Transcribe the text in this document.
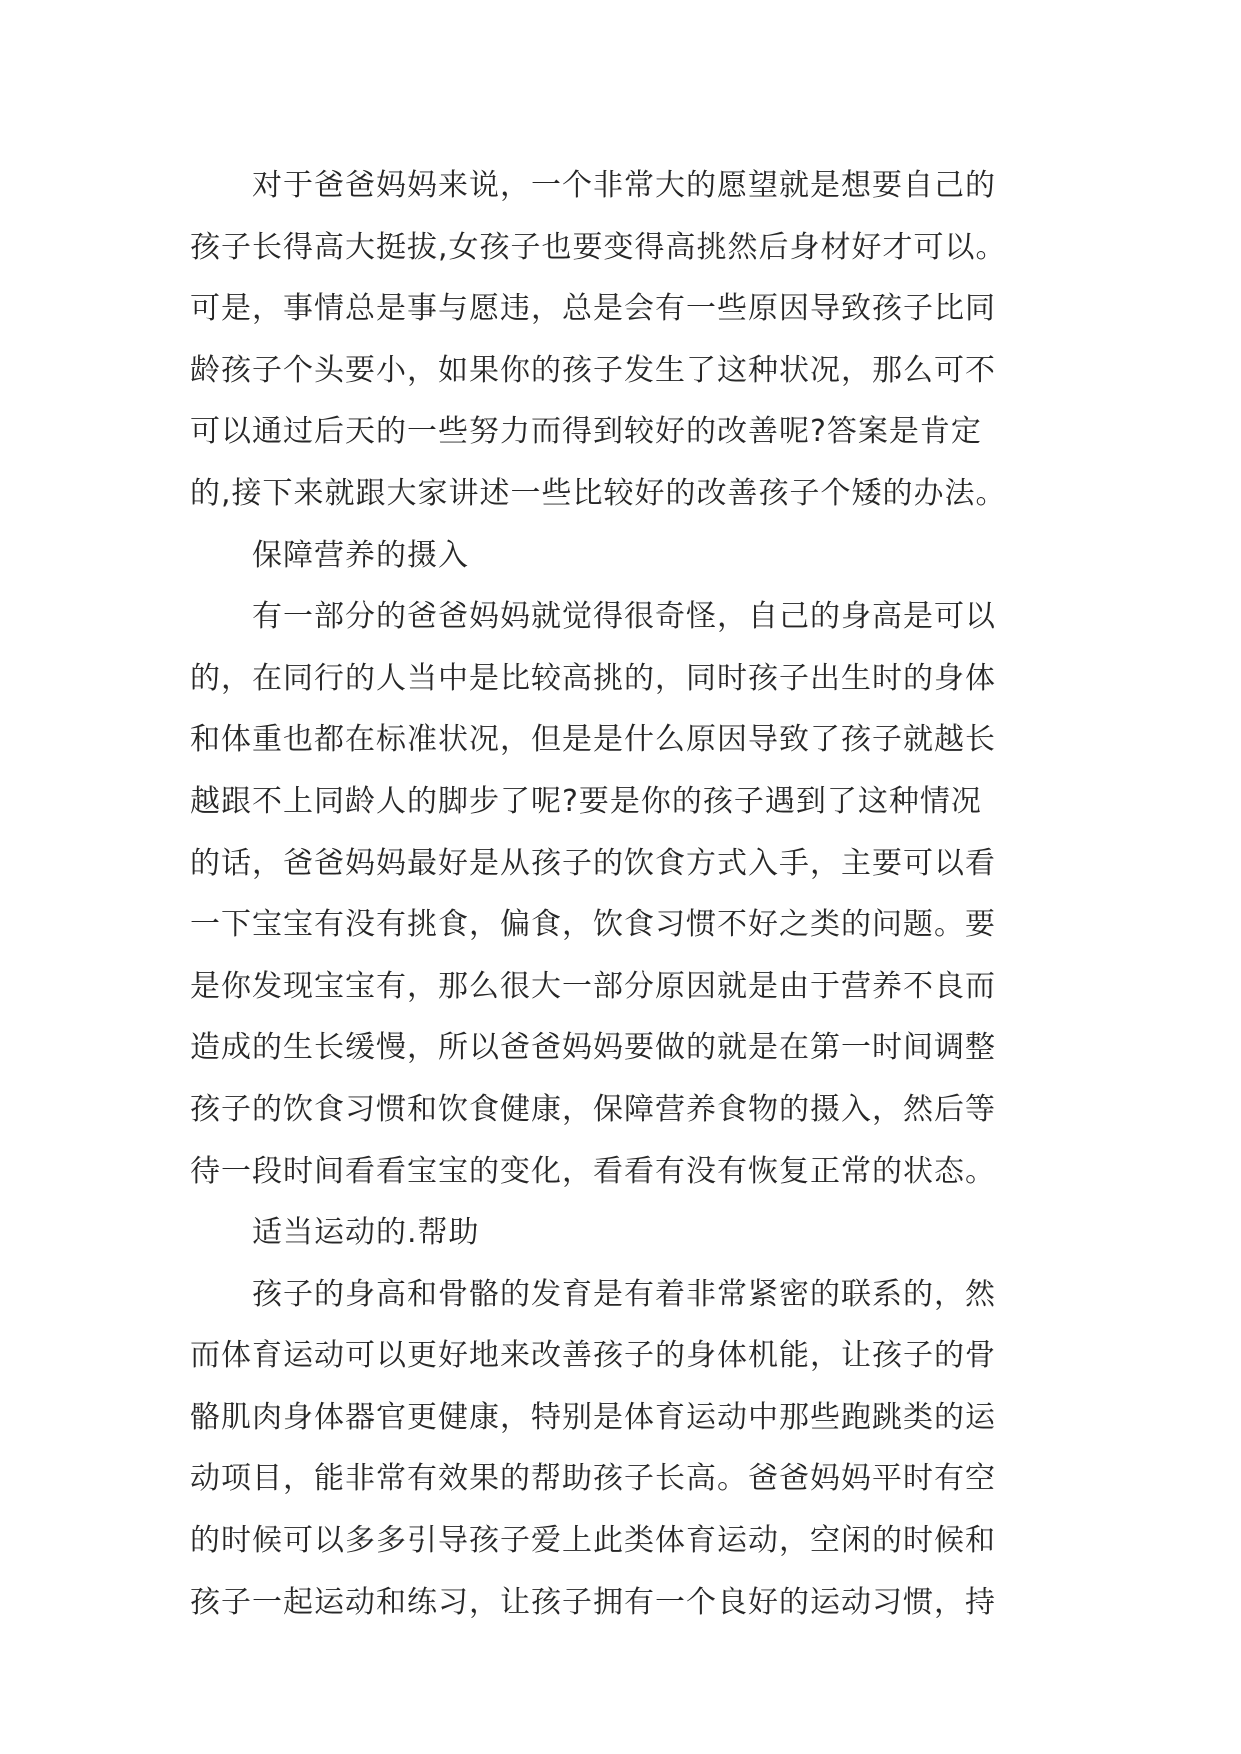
对于爸爸妈妈来说，一个非常大的愿望就是想要自己的

孩子长得高大挺拔,女孩子也要变得高挑然后身材好才可以。

可是，事情总是事与愿违，总是会有一些原因导致孩子比同

龄孩子个头要小，如果你的孩子发生了这种状况，那么可不

可以通过后天的一些努力而得到较好的改善呢?答案是肯定

的,接下来就跟大家讲述一些比较好的改善孩子个矮的办法。

保障营养的摄入

有一部分的爸爸妈妈就觉得很奇怪，自己的身高是可以

的，在同行的人当中是比较高挑的，同时孩子出生时的身体

和体重也都在标准状况，但是是什么原因导致了孩子就越长

越跟不上同龄人的脚步了呢?要是你的孩子遇到了这种情况

的话，爸爸妈妈最好是从孩子的饮食方式入手，主要可以看

一下宝宝有没有挑食，偏食，饮食习惯不好之类的问题。要

是你发现宝宝有，那么很大一部分原因就是由于营养不良而

造成的生长缓慢，所以爸爸妈妈要做的就是在第一时间调整

孩子的饮食习惯和饮食健康，保障营养食物的摄入，然后等

待一段时间看看宝宝的变化，看看有没有恢复正常的状态。

适当运动的.帮助

孩子的身高和骨骼的发育是有着非常紧密的联系的，然

而体育运动可以更好地来改善孩子的身体机能，让孩子的骨

骼肌肉身体器官更健康，特别是体育运动中那些跑跳类的运

动项目，能非常有效果的帮助孩子长高。爸爸妈妈平时有空

的时候可以多多引导孩子爱上此类体育运动，空闲的时候和

孩子一起运动和练习，让孩子拥有一个良好的运动习惯，持
